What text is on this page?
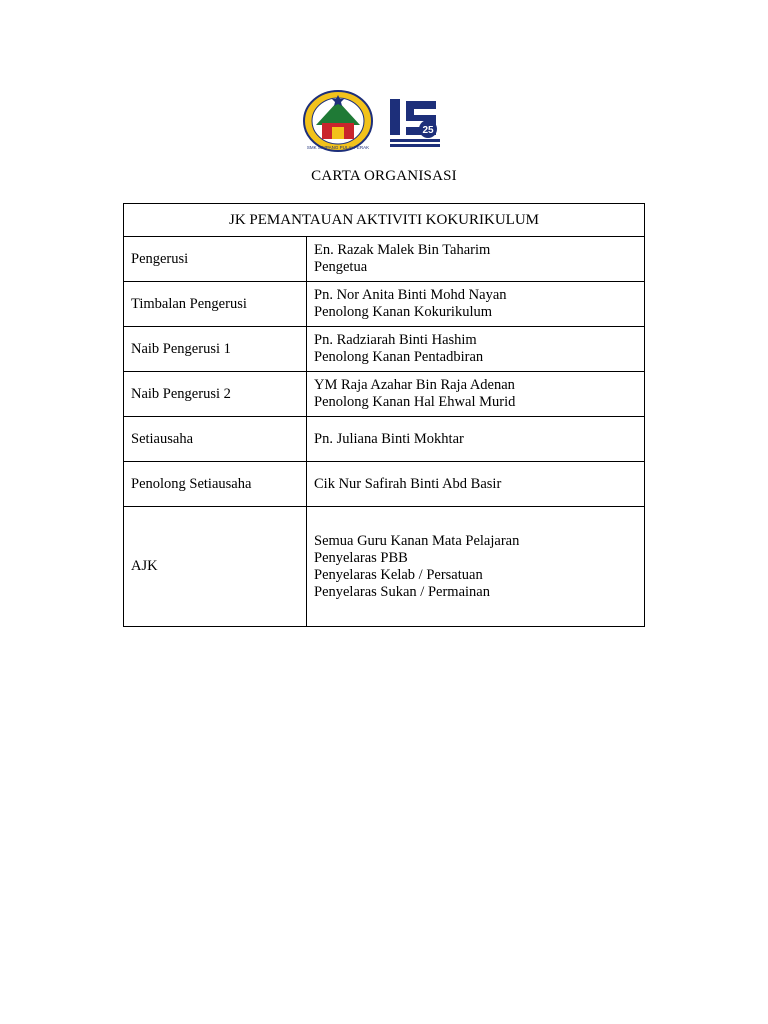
SMK SIMPANG PULAI PERAK
25
CARTA ORGANISASI
JK PEMANTAUAN AKTIVITI KOKURIKULUM	
Pengerusi	En. Razak Malek Bin Taharim
Pengetua

Timbalan Pengerusi	Pn. Nor Anita Binti Mohd Nayan
Penolong Kanan Kokurikulum

Naib Pengerusi 1	Pn. Radziarah Binti Hashim
Penolong Kanan Pentadbiran

Naib Pengerusi 2	YM Raja Azahar Bin Raja Adenan
Penolong Kanan Hal Ehwal Murid

Setiausaha	Pn. Juliana Binti Mokhtar

Penolong Setiausaha	Cik Nur Safirah Binti Abd Basir

AJK	Semua Guru Kanan Mata Pelajaran
Penyelaras PBB
Penyelaras Kelab / Persatuan
Penyelaras Sukan / Permainan
